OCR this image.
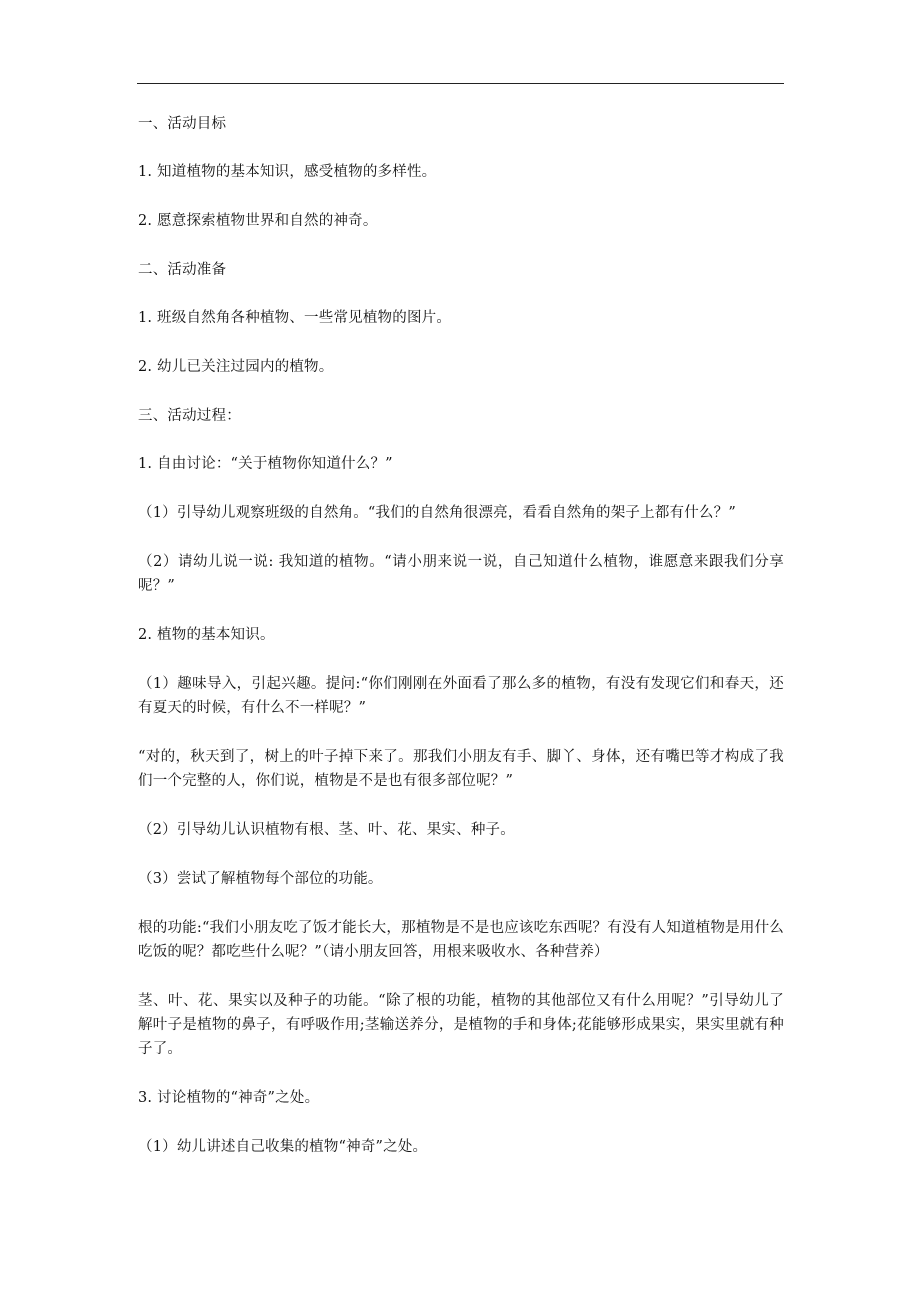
一、活动目标

1. 知道植物的基本知识，感受植物的多样性。

2. 愿意探索植物世界和自然的神奇。

二、活动准备

1. 班级自然角各种植物、一些常见植物的图片。

2. 幼儿已关注过园内的植物。

三、活动过程：

1. 自由讨论：“关于植物你知道什么？”

（1）引导幼儿观察班级的自然角。“我们的自然角很漂亮，看看自然角的架子上都有什么？”

（2）请幼儿说一说: 我知道的植物。“请小朋来说一说，自己知道什么植物，谁愿意来跟我们分享呢？”

2. 植物的基本知识。

（1）趣味导入，引起兴趣。提问:“你们刚刚在外面看了那么多的植物，有没有发现它们和春天，还有夏天的时候，有什么不一样呢？”

“对的，秋天到了，树上的叶子掉下来了。那我们小朋友有手、脚丫、身体，还有嘴巴等才构成了我们一个完整的人，你们说，植物是不是也有很多部位呢？”

（2）引导幼儿认识植物有根、茎、叶、花、果实、种子。

（3）尝试了解植物每个部位的功能。

根的功能:“我们小朋友吃了饭才能长大，那植物是不是也应该吃东西呢？有没有人知道植物是用什么吃饭的呢？都吃些什么呢？”（请小朋友回答，用根来吸收水、各种营养）

茎、叶、花、果实以及种子的功能。“除了根的功能，植物的其他部位又有什么用呢？”引导幼儿了解叶子是植物的鼻子，有呼吸作用;茎输送养分，是植物的手和身体;花能够形成果实，果实里就有种子了。

3. 讨论植物的“神奇”之处。

（1）幼儿讲述自己收集的植物“神奇”之处。
